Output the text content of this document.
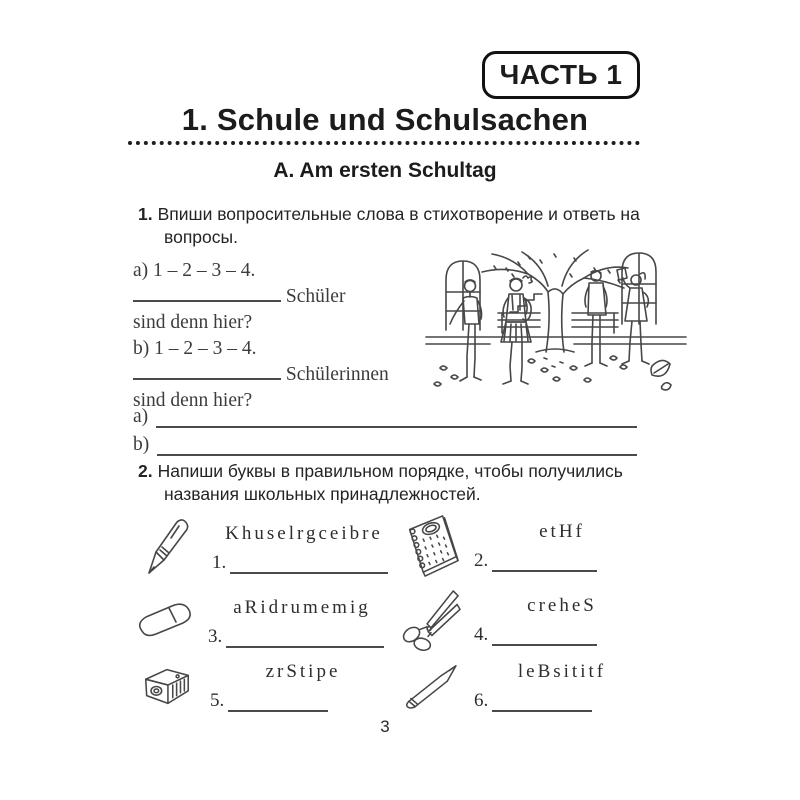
ЧАСТЬ 1
1. Schule und Schulsachen
A. Am ersten Schultag
1. Впиши вопросительные слова в стихотворение и ответь на вопросы.
a) 1 – 2 – 3 – 4.
Schüler
sind denn hier?
b) 1 – 2 – 3 – 4.
Schülerinnen
sind denn hier?
a)
b)
2. Напиши буквы в правильном порядке, чтобы получились названия школьных принадлежностей.
Khuselrgceibre
1.
etHf
2.
aRidrumemig
3.
creheS
4.
zrStipe
5.
leBsititf
6.
3
